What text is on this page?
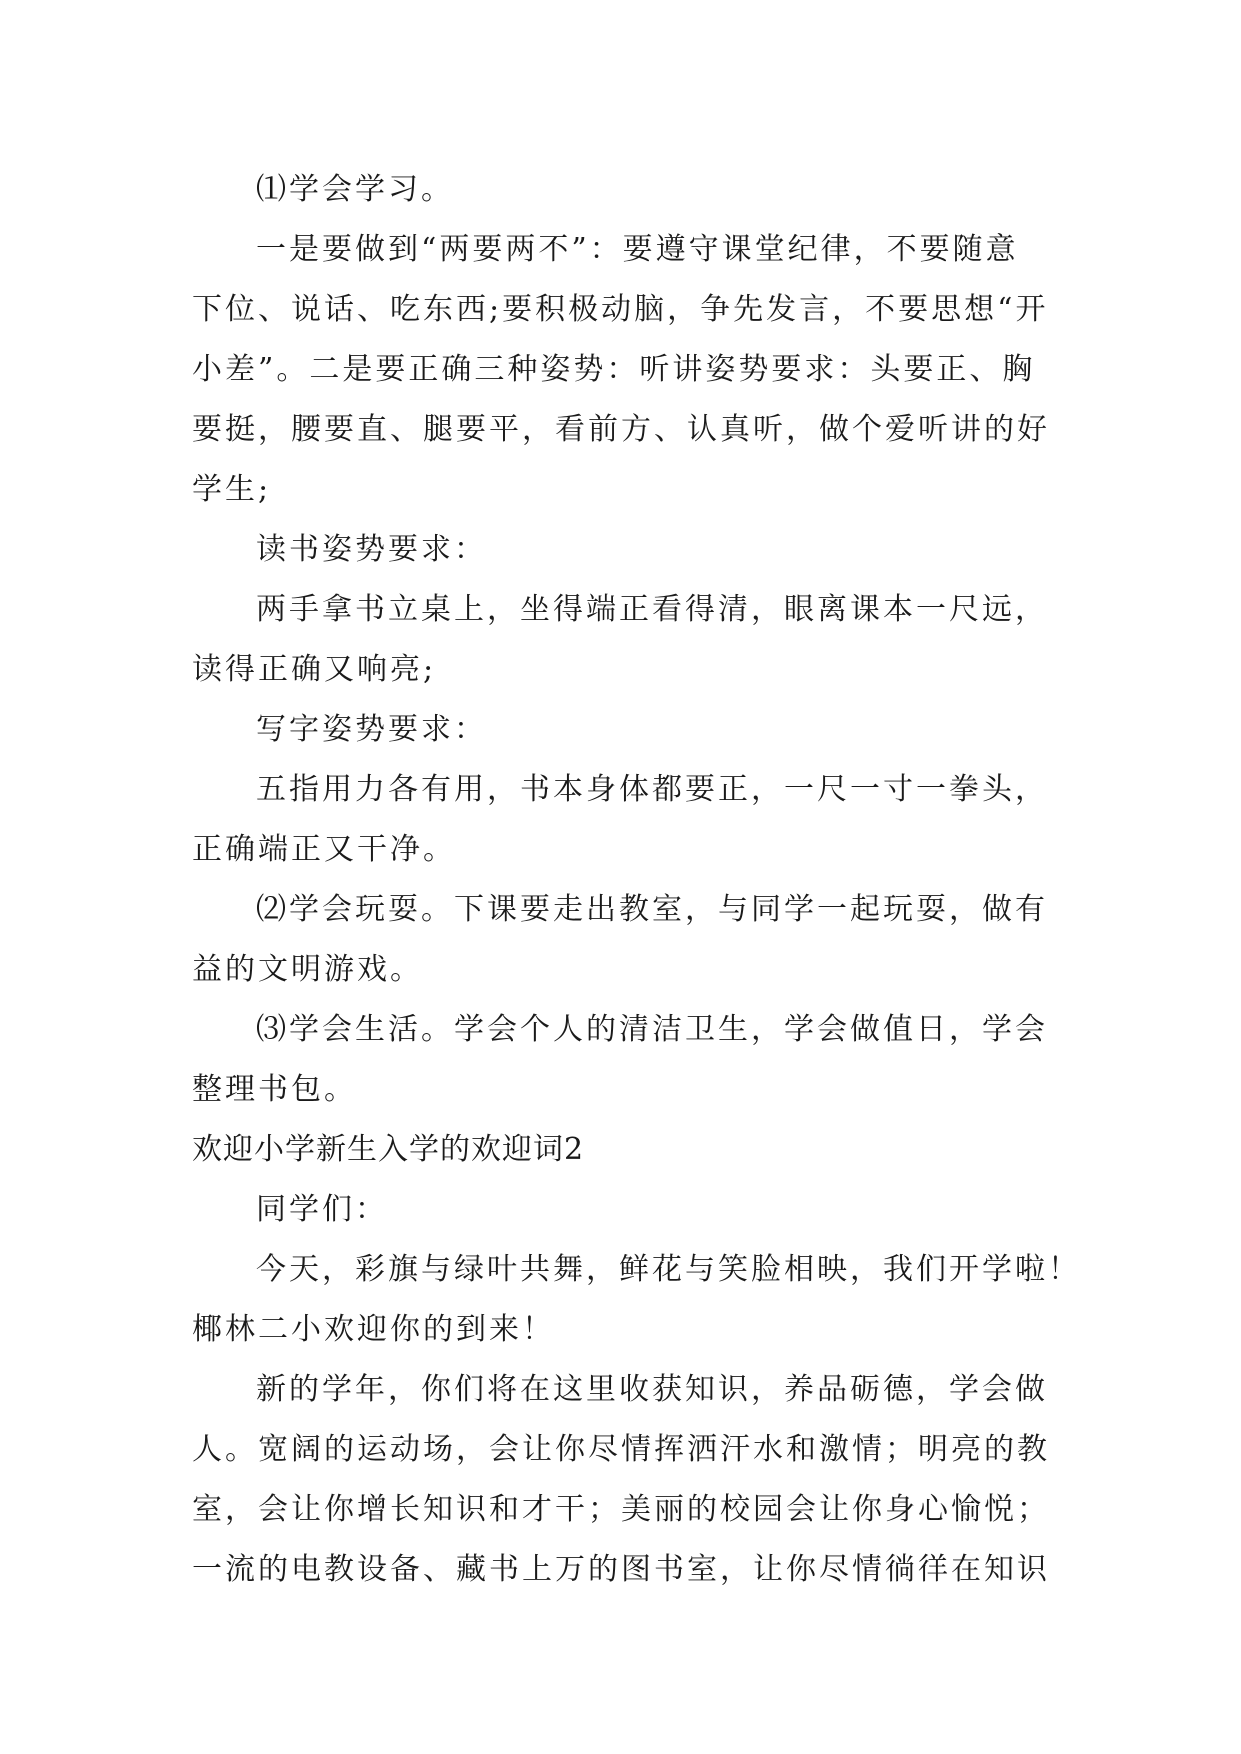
⑴学会学习。
一是要做到“两要两不”：要遵守课堂纪律，不要随意
下位、说话、吃东西;要积极动脑，争先发言，不要思想“开
小差”。二是要正确三种姿势：听讲姿势要求：头要正、胸
要挺，腰要直、腿要平，看前方、认真听，做个爱听讲的好
学生;
读书姿势要求：
两手拿书立桌上，坐得端正看得清，眼离课本一尺远，
读得正确又响亮;
写字姿势要求：
五指用力各有用，书本身体都要正，一尺一寸一拳头，
正确端正又干净。
⑵学会玩耍。下课要走出教室，与同学一起玩耍，做有
益的文明游戏。
⑶学会生活。学会个人的清洁卫生，学会做值日，学会
整理书包。
欢迎小学新生入学的欢迎词2
同学们：
今天，彩旗与绿叶共舞，鲜花与笑脸相映，我们开学啦！
椰林二小欢迎你的到来！
新的学年，你们将在这里收获知识，养品砺德，学会做
人。宽阔的运动场，会让你尽情挥洒汗水和激情；明亮的教
室，会让你增长知识和才干；美丽的校园会让你身心愉悦；
一流的电教设备、藏书上万的图书室，让你尽情徜徉在知识
